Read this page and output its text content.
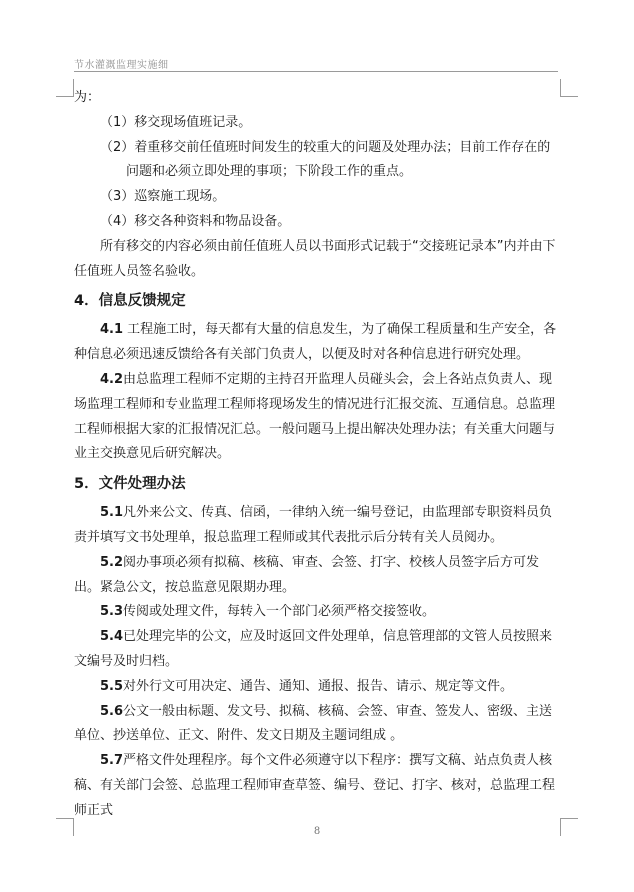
节水灌溉监理实施细

为：

（1）移交现场值班记录。

（2）着重移交前任值班时间发生的较重大的问题及处理办法；目前工作存在的问题和必须立即处理的事项；下阶段工作的重点。

（3）巡察施工现场。

（4）移交各种资料和物品设备。

所有移交的内容必须由前任值班人员以书面形式记载于“交接班记录本”内并由下任值班人员签名验收。

4．信息反馈规定

4.1 工程施工时，每天都有大量的信息发生，为了确保工程质量和生产安全，各种信息必须迅速反馈给各有关部门负责人，以便及时对各种信息进行研究处理。

4.2由总监理工程师不定期的主持召开监理人员碰头会，会上各站点负责人、现场监理工程师和专业监理工程师将现场发生的情况进行汇报交流、互通信息。总监理工程师根据大家的汇报情况汇总。一般问题马上提出解决处理办法；有关重大问题与业主交换意见后研究解决。

5．文件处理办法

5.1凡外来公文、传真、信函，一律纳入统一编号登记，由监理部专职资料员负责并填写文书处理单，报总监理工程师或其代表批示后分转有关人员阅办。

5.2阅办事项必须有拟稿、核稿、审查、会签、打字、校核人员签字后方可发出。紧急公文，按总监意见限期办理。

5.3传阅或处理文件，每转入一个部门必须严格交接签收。

5.4已处理完毕的公文，应及时返回文件处理单，信息管理部的文管人员按照来文编号及时归档。

5.5对外行文可用决定、通告、通知、通报、报告、请示、规定等文件。

5.6公文一般由标题、发文号、拟稿、核稿、会签、审查、签发人、密级、主送单位、抄送单位、正文、附件、发文日期及主题词组成 。

5.7严格文件处理程序。每个文件必须遵守以下程序：撰写文稿、站点负责人核稿、有关部门会签、总监理工程师审查草签、编号、登记、打字、核对，总监理工程师正式

8
